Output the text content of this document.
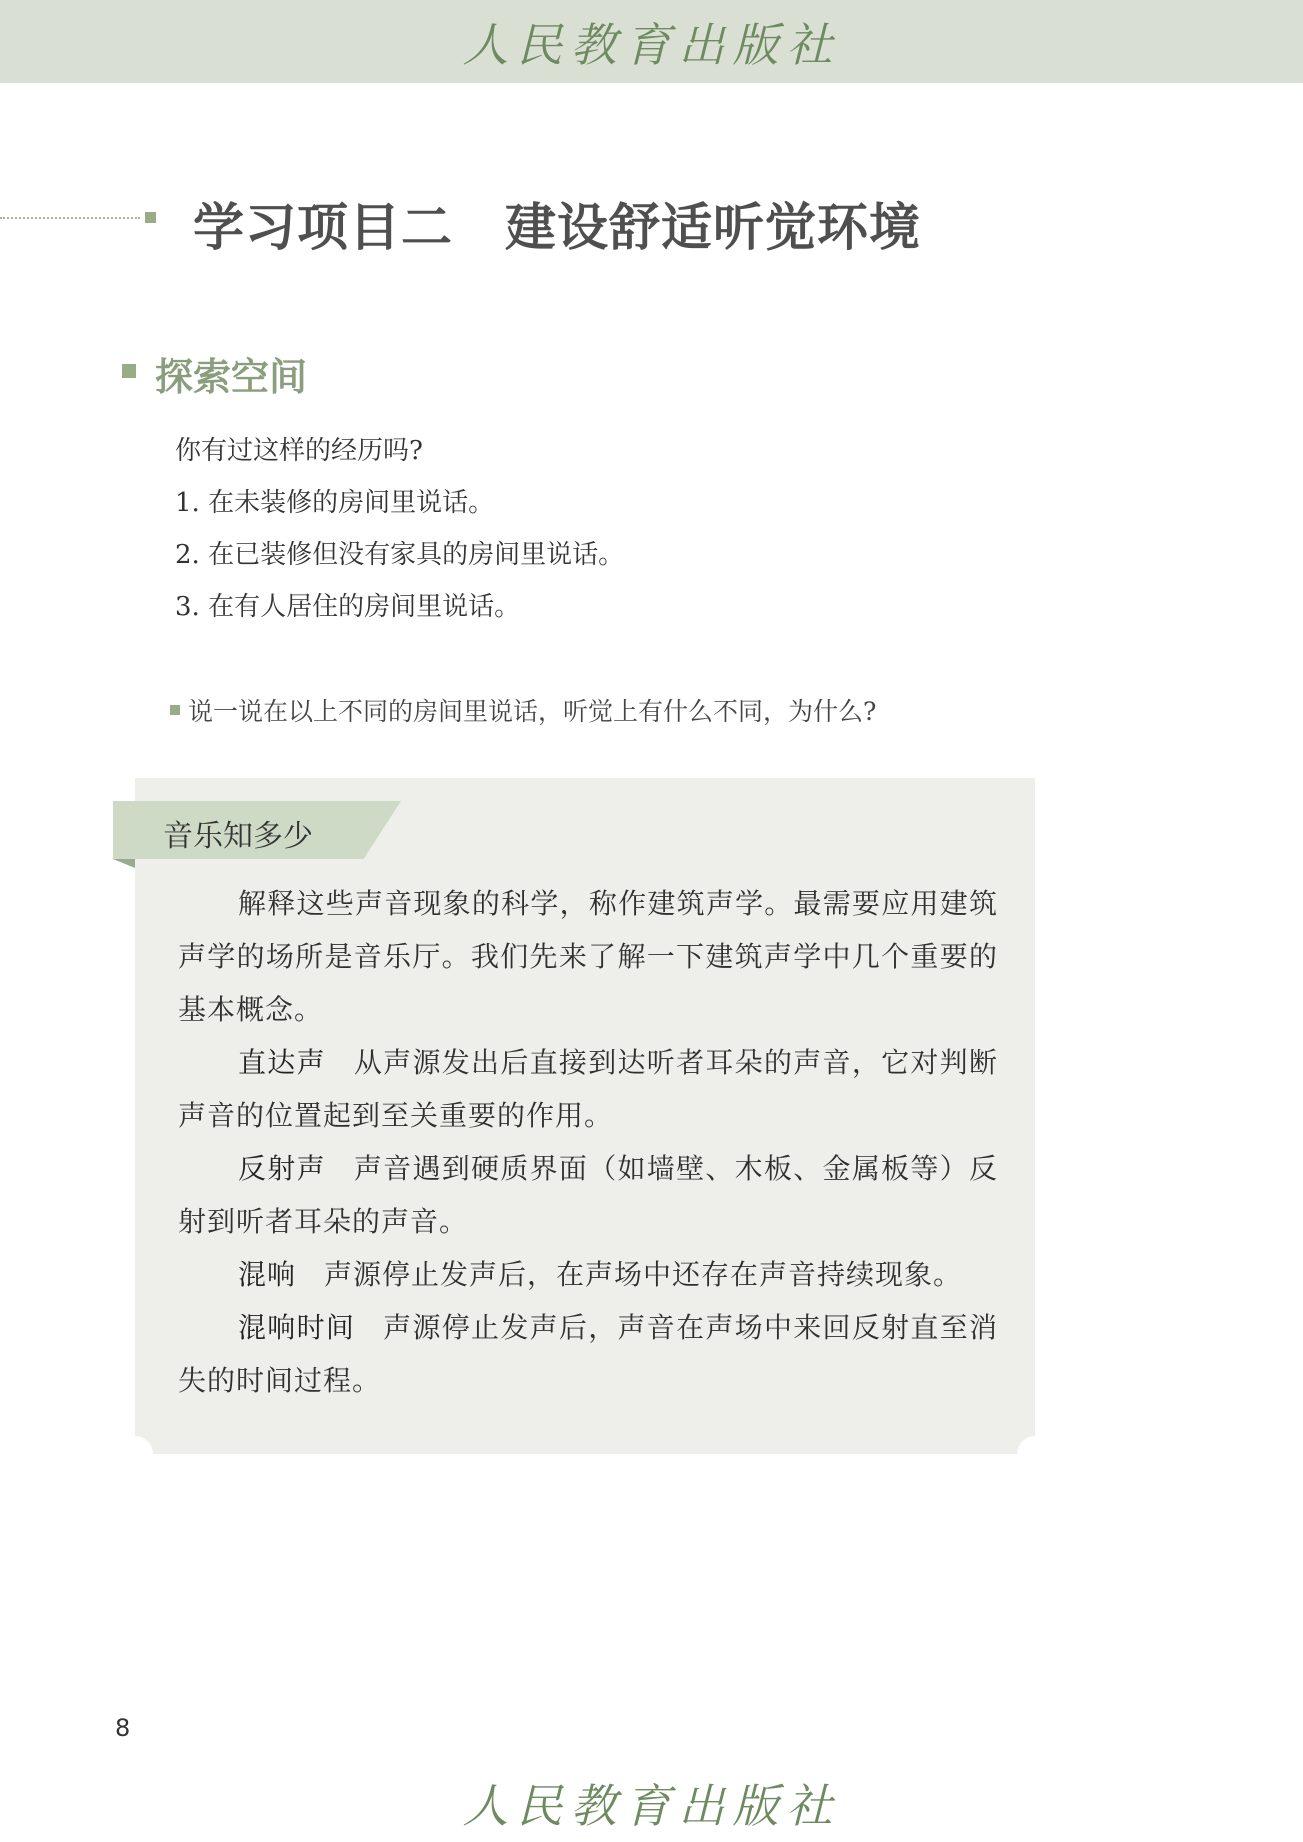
人民教育出版社
学习项目二　建设舒适听觉环境
探索空间

你有过这样的经历吗?

1. 在未装修的房间里说话。

2. 在已装修但没有家具的房间里说话。

3. 在有人居住的房间里说话。

说一说在以上不同的房间里说话，听觉上有什么不同，为什么?
音乐知多少

解释这些声音现象的科学，称作建筑声学。最需要应用建筑声学的场所是音乐厅。我们先来了解一下建筑声学中几个重要的基本概念。

直达声 从声源发出后直接到达听者耳朵的声音，它对判断声音的位置起到至关重要的作用。

反射声 声音遇到硬质界面（如墙壁、木板、金属板等）反射到听者耳朵的声音。

混响 声源停止发声后，在声场中还存在声音持续现象。

混响时间 声源停止发声后，声音在声场中来回反射直至消失的时间过程。

8
人民教育出版社
